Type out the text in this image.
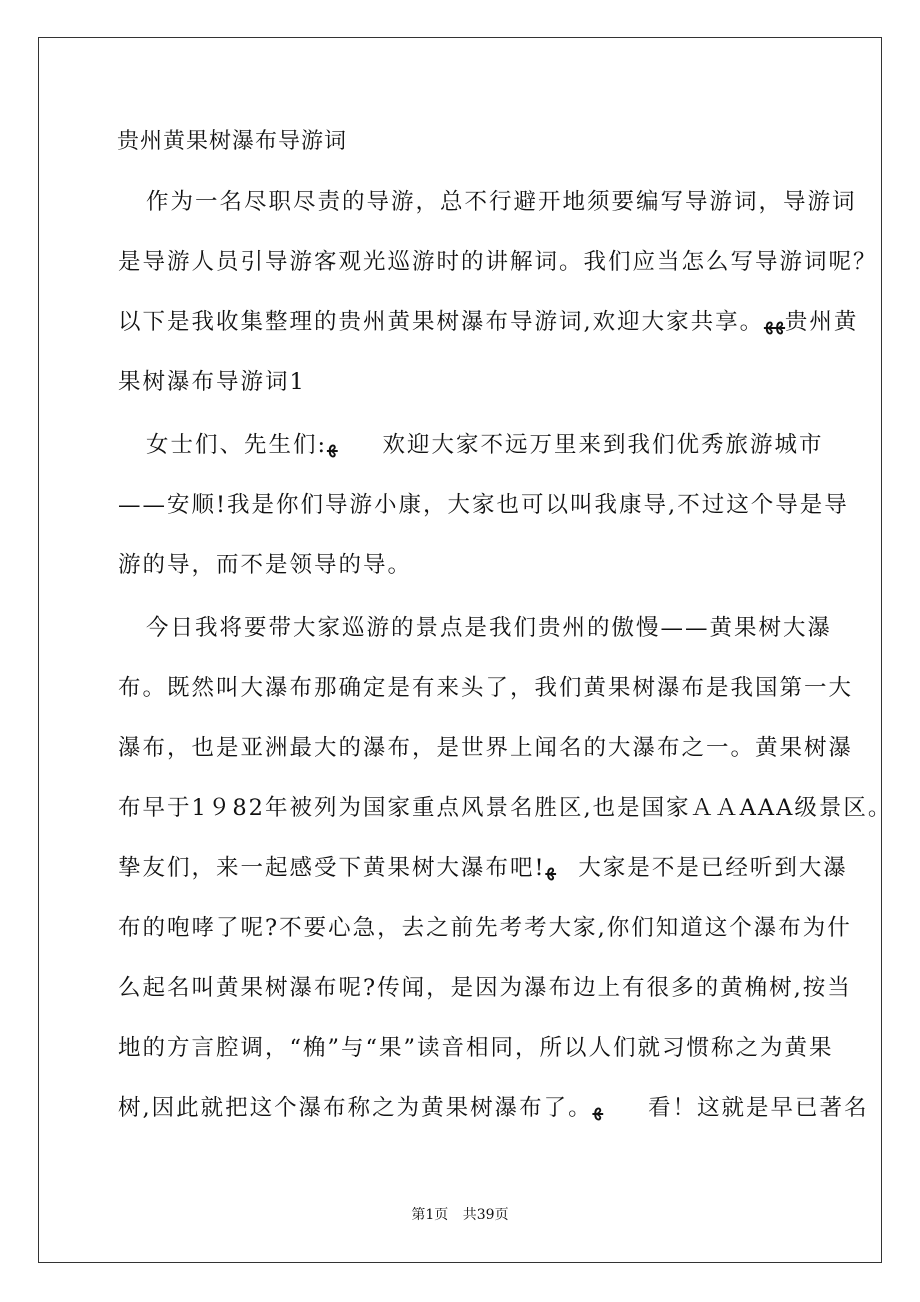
贵州黄果树瀑布导游词
作为一名尽职尽责的导游，总不行避开地须要编写导游词，导游词
是导游人员引导游客观光巡游时的讲解词。我们应当怎么写导游词呢？
以下是我收集整理的贵州黄果树瀑布导游词,欢迎大家共享。ﻬﻬ贵州黄
果树瀑布导游词1
女士们、先生们:ﻬ　　欢迎大家不远万里来到我们优秀旅游城市
——安顺!我是你们导游小康，大家也可以叫我康导,不过这个导是导
游的导，而不是领导的导。
今日我将要带大家巡游的景点是我们贵州的傲慢——黄果树大瀑
布。既然叫大瀑布那确定是有来头了，我们黄果树瀑布是我国第一大
瀑布，也是亚洲最大的瀑布，是世界上闻名的大瀑布之一。黄果树瀑
布早于1９82年被列为国家重点风景名胜区,也是国家ＡＡAAA级景区。
挚友们，来一起感受下黄果树大瀑布吧!ﻬ　大家是不是已经听到大瀑
布的咆哮了呢?不要心急，去之前先考考大家,你们知道这个瀑布为什
么起名叫黄果树瀑布呢?传闻，是因为瀑布边上有很多的黄桷树,按当
地的方言腔调，“桷”与“果”读音相同，所以人们就习惯称之为黄果
树,因此就把这个瀑布称之为黄果树瀑布了。ﻬ　　看！这就是早已著名
第1页 共39页
